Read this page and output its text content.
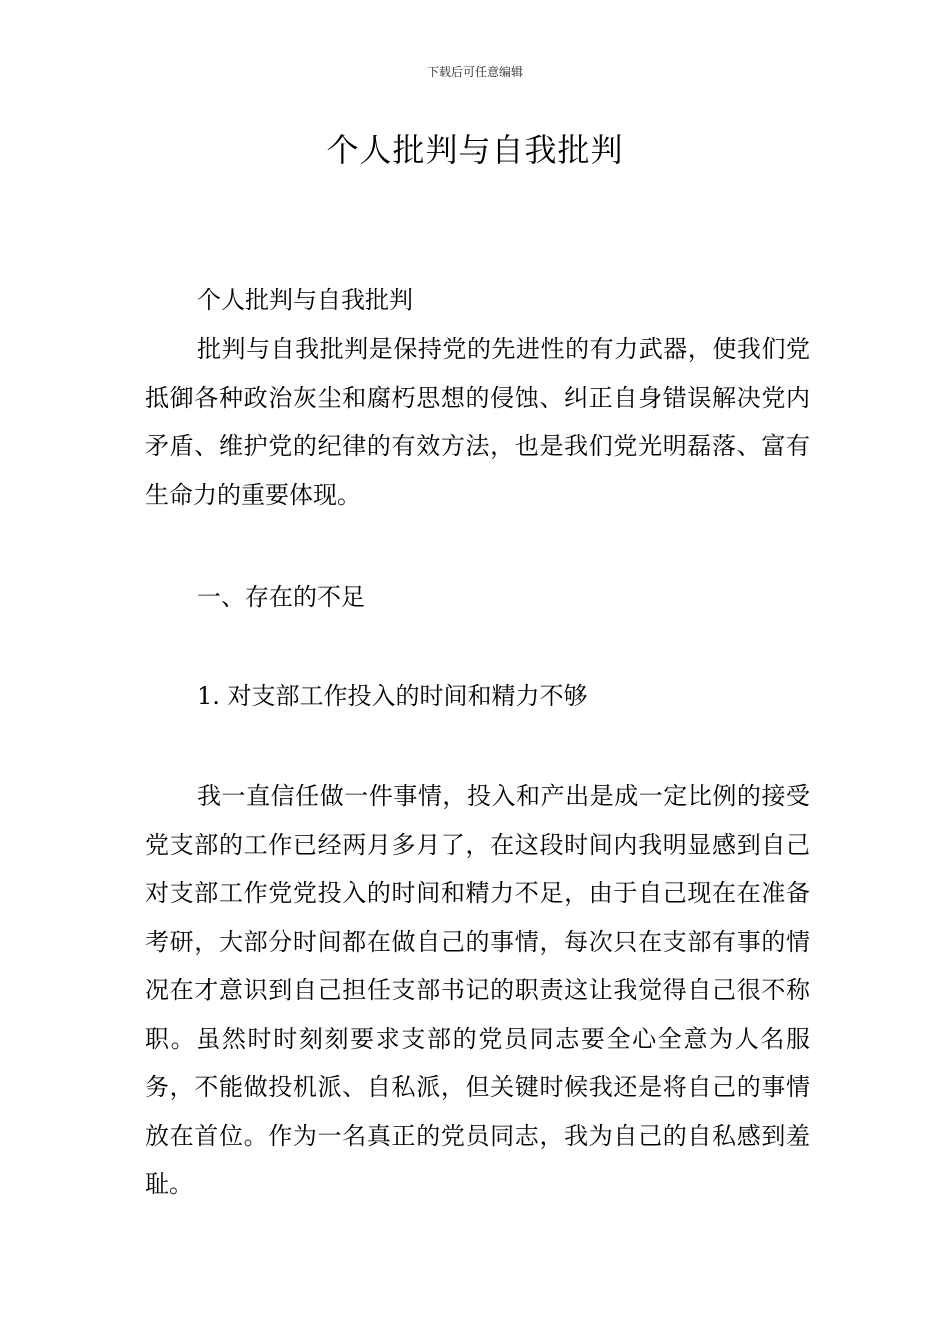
下载后可任意编辑
个人批判与自我批判

个人批判与自我批判

批判与自我批判是保持党的先进性的有力武器，使我们党抵御各种政治灰尘和腐朽思想的侵蚀、纠正自身错误解决党内矛盾、维护党的纪律的有效方法，也是我们党光明磊落、富有生命力的重要体现。

一、存在的不足

1. 对支部工作投入的时间和精力不够

我一直信任做一件事情，投入和产出是成一定比例的接受党支部的工作已经两月多月了，在这段时间内我明显感到自己对支部工作党党投入的时间和精力不足，由于自己现在在准备考研，大部分时间都在做自己的事情，每次只在支部有事的情况在才意识到自己担任支部书记的职责这让我觉得自己很不称职。虽然时时刻刻要求支部的党员同志要全心全意为人名服务，不能做投机派、自私派，但关键时候我还是将自己的事情放在首位。作为一名真正的党员同志，我为自己的自私感到羞耻。
